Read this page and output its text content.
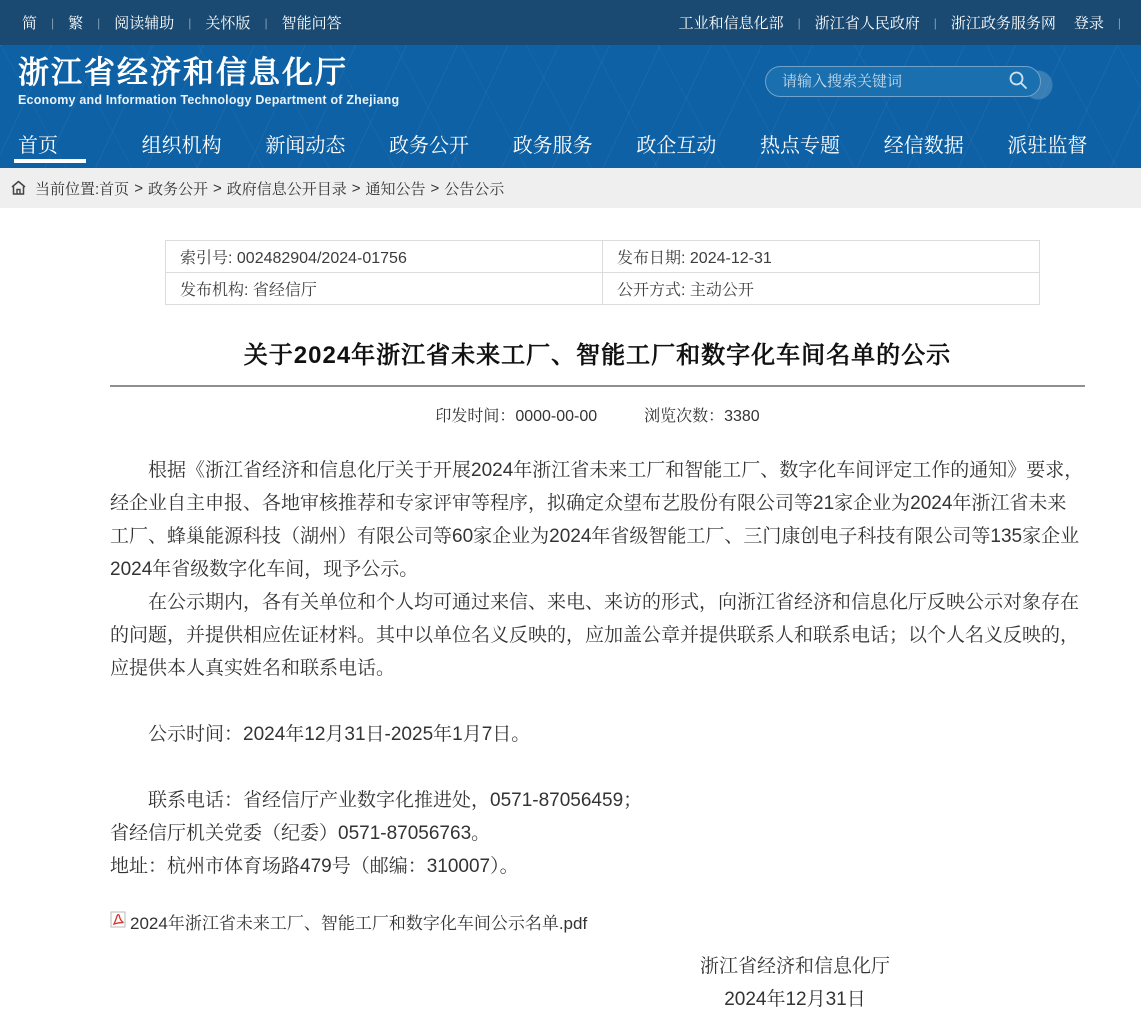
简 | 繁 | 阅读辅助 | 关怀版 | 智能问答	工业和信息化部 | 浙江省人民政府 | 浙江政务服务网 登录 |
浙江省经济和信息化厅
Economy and Information Technology Department of Zhejiang
请输入搜索关键词
首页	组织机构	新闻动态	政务公开	政务服务	政企互动	热点专题	经信数据	派驻监督
当前位置: 首页 > 政务公开 > 政府信息公开目录 > 通知公告 > 公告公示
索引号: 002482904/2024-01756	发布日期: 2024-12-31
发布机构: 省经信厅	公开方式: 主动公开
关于2024年浙江省未来工厂、智能工厂和数字化车间名单的公示
印发时间：0000-00-00	浏览次数：3380

根据《浙江省经济和信息化厅关于开展2024年浙江省未来工厂和智能工厂、数字化车间评定工作的通知》要求，经企业自主申报、各地审核推荐和专家评审等程序，拟确定众望布艺股份有限公司等21家企业为2024年浙江省未来工厂、蜂巢能源科技（湖州）有限公司等60家企业为2024年省级智能工厂、三门康创电子科技有限公司等135家企业2024年省级数字化车间，现予公示。

在公示期内，各有关单位和个人均可通过来信、来电、来访的形式，向浙江省经济和信息化厅反映公示对象存在的问题，并提供相应佐证材料。其中以单位名义反映的，应加盖公章并提供联系人和联系电话；以个人名义反映的，应提供本人真实姓名和联系电话。

公示时间：2024年12月31日-2025年1月7日。

联系电话：省经信厅产业数字化推进处，0571-87056459；

省经信厅机关党委（纪委）0571-87056763。

地址：杭州市体育场路479号（邮编：310007）。

2024年浙江省未来工厂、智能工厂和数字化车间公示名单.pdf
浙江省经济和信息化厅
2024年12月31日
